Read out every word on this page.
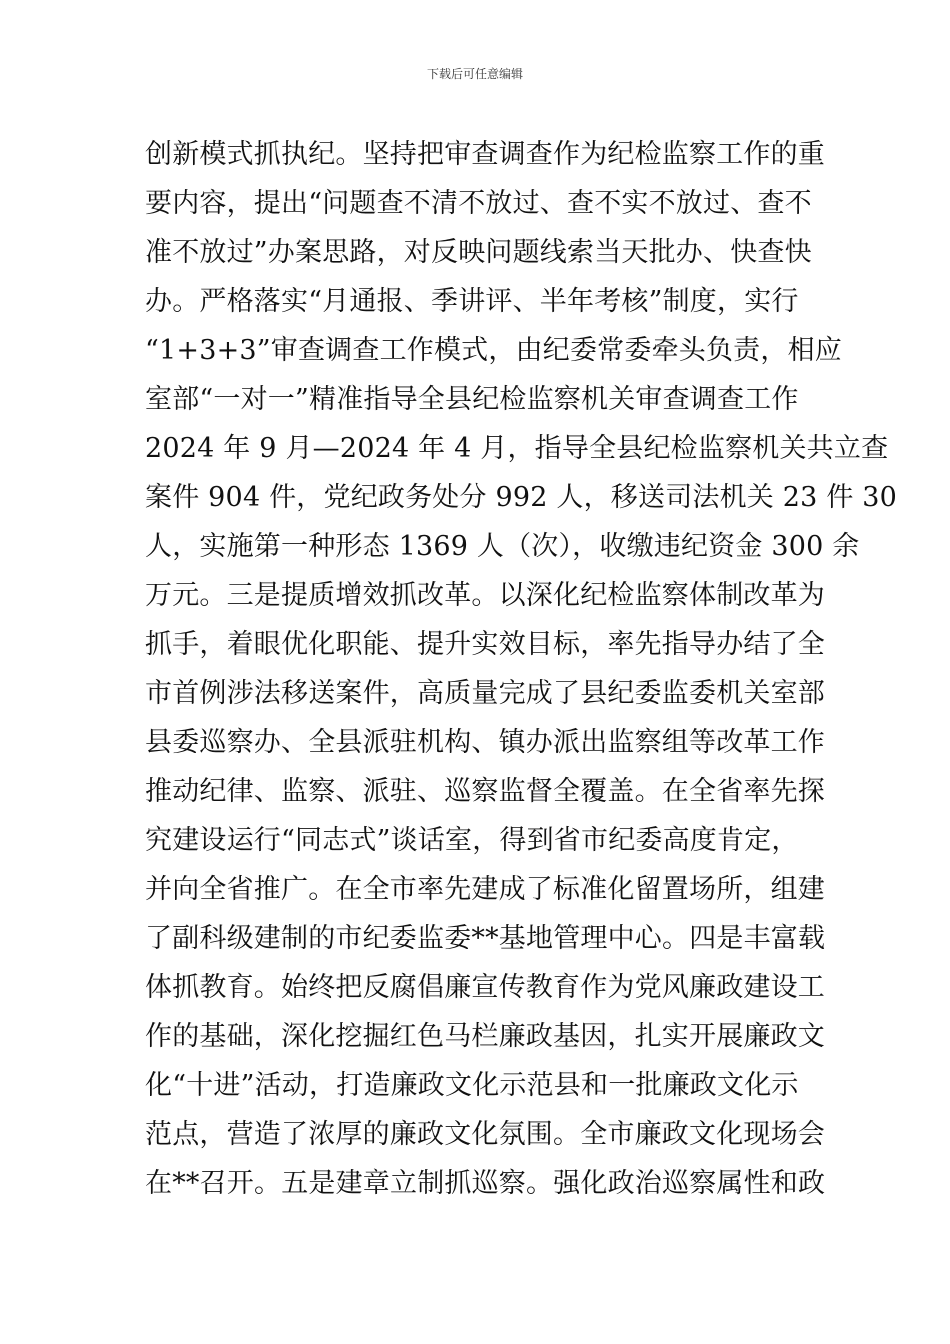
下载后可任意编辑
创新模式抓执纪。坚持把审查调查作为纪检监察工作的重
要内容，提出“问题查不清不放过、查不实不放过、查不
准不放过”办案思路，对反映问题线索当天批办、快查快
办。严格落实“月通报、季讲评、半年考核”制度，实行
“1+3+3”审查调查工作模式，由纪委常委牵头负责，相应
室部“一对一”精准指导全县纪检监察机关审查调查工作
2024 年 9 月—2024 年 4 月，指导全县纪检监察机关共立查
案件 904 件，党纪政务处分 992 人，移送司法机关 23 件 30
人，实施第一种形态 1369 人（次），收缴违纪资金 300 余
万元。三是提质增效抓改革。以深化纪检监察体制改革为
抓手，着眼优化职能、提升实效目标，率先指导办结了全
市首例涉法移送案件，高质量完成了县纪委监委机关室部
县委巡察办、全县派驻机构、镇办派出监察组等改革工作
推动纪律、监察、派驻、巡察监督全覆盖。在全省率先探
究建设运行“同志式”谈话室，得到省市纪委高度肯定，
并向全省推广。在全市率先建成了标准化留置场所，组建
了副科级建制的市纪委监委**基地管理中心。四是丰富载
体抓教育。始终把反腐倡廉宣传教育作为党风廉政建设工
作的基础，深化挖掘红色马栏廉政基因，扎实开展廉政文
化“十进”活动，打造廉政文化示范县和一批廉政文化示
范点，营造了浓厚的廉政文化氛围。全市廉政文化现场会
在**召开。五是建章立制抓巡察。强化政治巡察属性和政
